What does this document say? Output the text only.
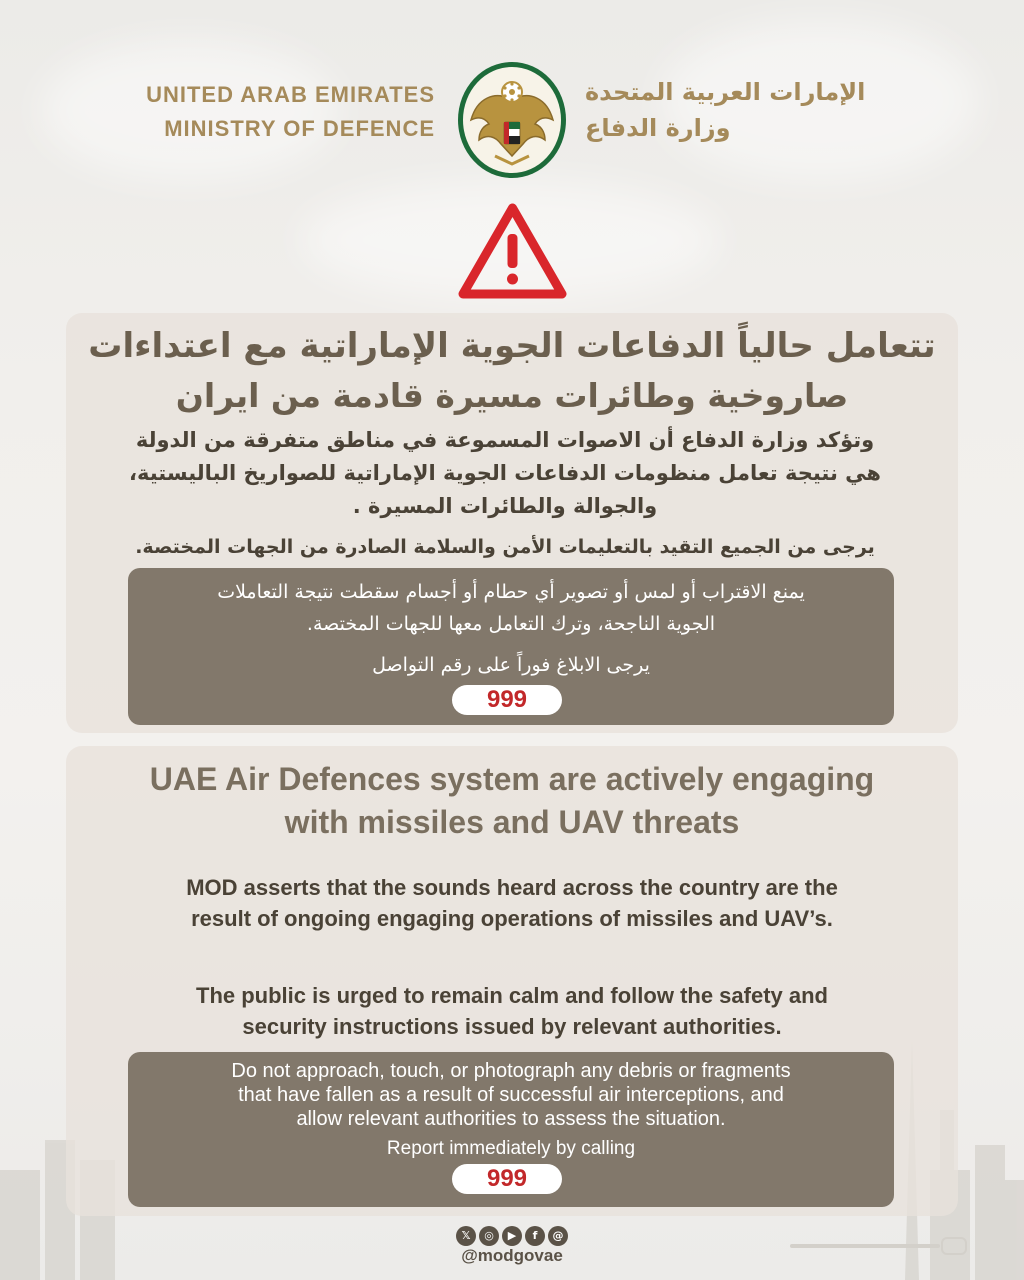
UNITED ARAB EMIRATES
MINISTRY OF DEFENCE
الإمارات العربية المتحدة
وزارة الدفاع
تتعامل حالياً الدفاعات الجوية الإماراتية مع اعتداءات
صاروخية وطائرات مسيرة قادمة من ايران
وتؤكد وزارة الدفاع أن الاصوات المسموعة في مناطق متفرقة من الدولة
هي نتيجة تعامل منظومات الدفاعات الجوية الإماراتية للصواريخ الباليستية،
والجوالة والطائرات المسيرة .
يرجى من الجميع التقيد بالتعليمات الأمن والسلامة الصادرة من الجهات المختصة.
يمنع الاقتراب أو لمس أو تصوير أي حطام أو أجسام سقطت نتيجة التعاملات
الجوية الناجحة، وترك التعامل معها للجهات المختصة.
يرجى الابلاغ فوراً على رقم التواصل
999
UAE Air Defences system are actively engaging
with missiles and UAV threats
MOD asserts that the sounds heard across the country are the
result of ongoing engaging operations of missiles and UAV’s.
The public is urged to remain calm and follow the safety and
security instructions issued by relevant authorities.
Do not approach, touch, or photograph any debris or fragments
that have fallen as a result of successful air interceptions, and
allow relevant authorities to assess the situation.
Report immediately by calling
999
𝕏	◎	▶	f	@
@modgovae
